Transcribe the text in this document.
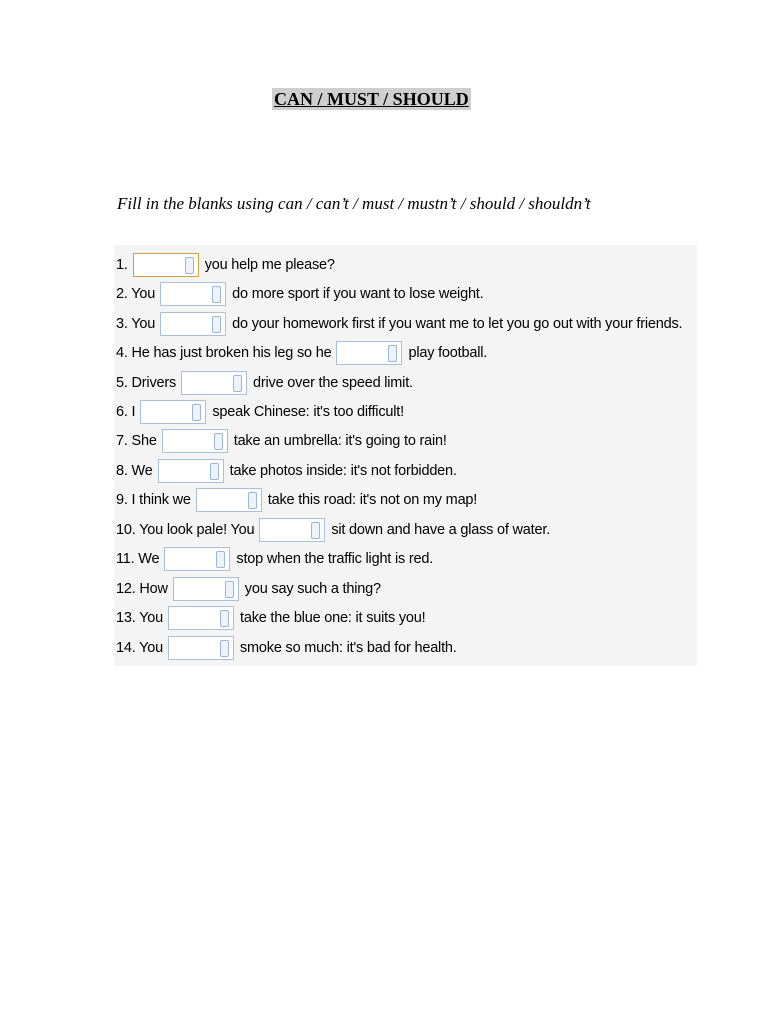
CAN / MUST / SHOULD
Fill in the blanks using can / can’t / must / mustn’t / should / shouldn’t
1.	you help me please?
2. You	do more sport if you want to lose weight.
3. You	do your homework first if you want me to let you go out with your friends.
4. He has just broken his leg so he	play football.
5. Drivers	drive over the speed limit.
6. I	speak Chinese: it's too difficult!
7. She	take an umbrella: it's going to rain!
8. We	take photos inside: it's not forbidden.
9. I think we	take this road: it's not on my map!
10. You look pale! You	sit down and have a glass of water.
11. We	stop when the traffic light is red.
12. How	you say such a thing?
13. You	take the blue one: it suits you!
14. You	smoke so much: it's bad for health.
